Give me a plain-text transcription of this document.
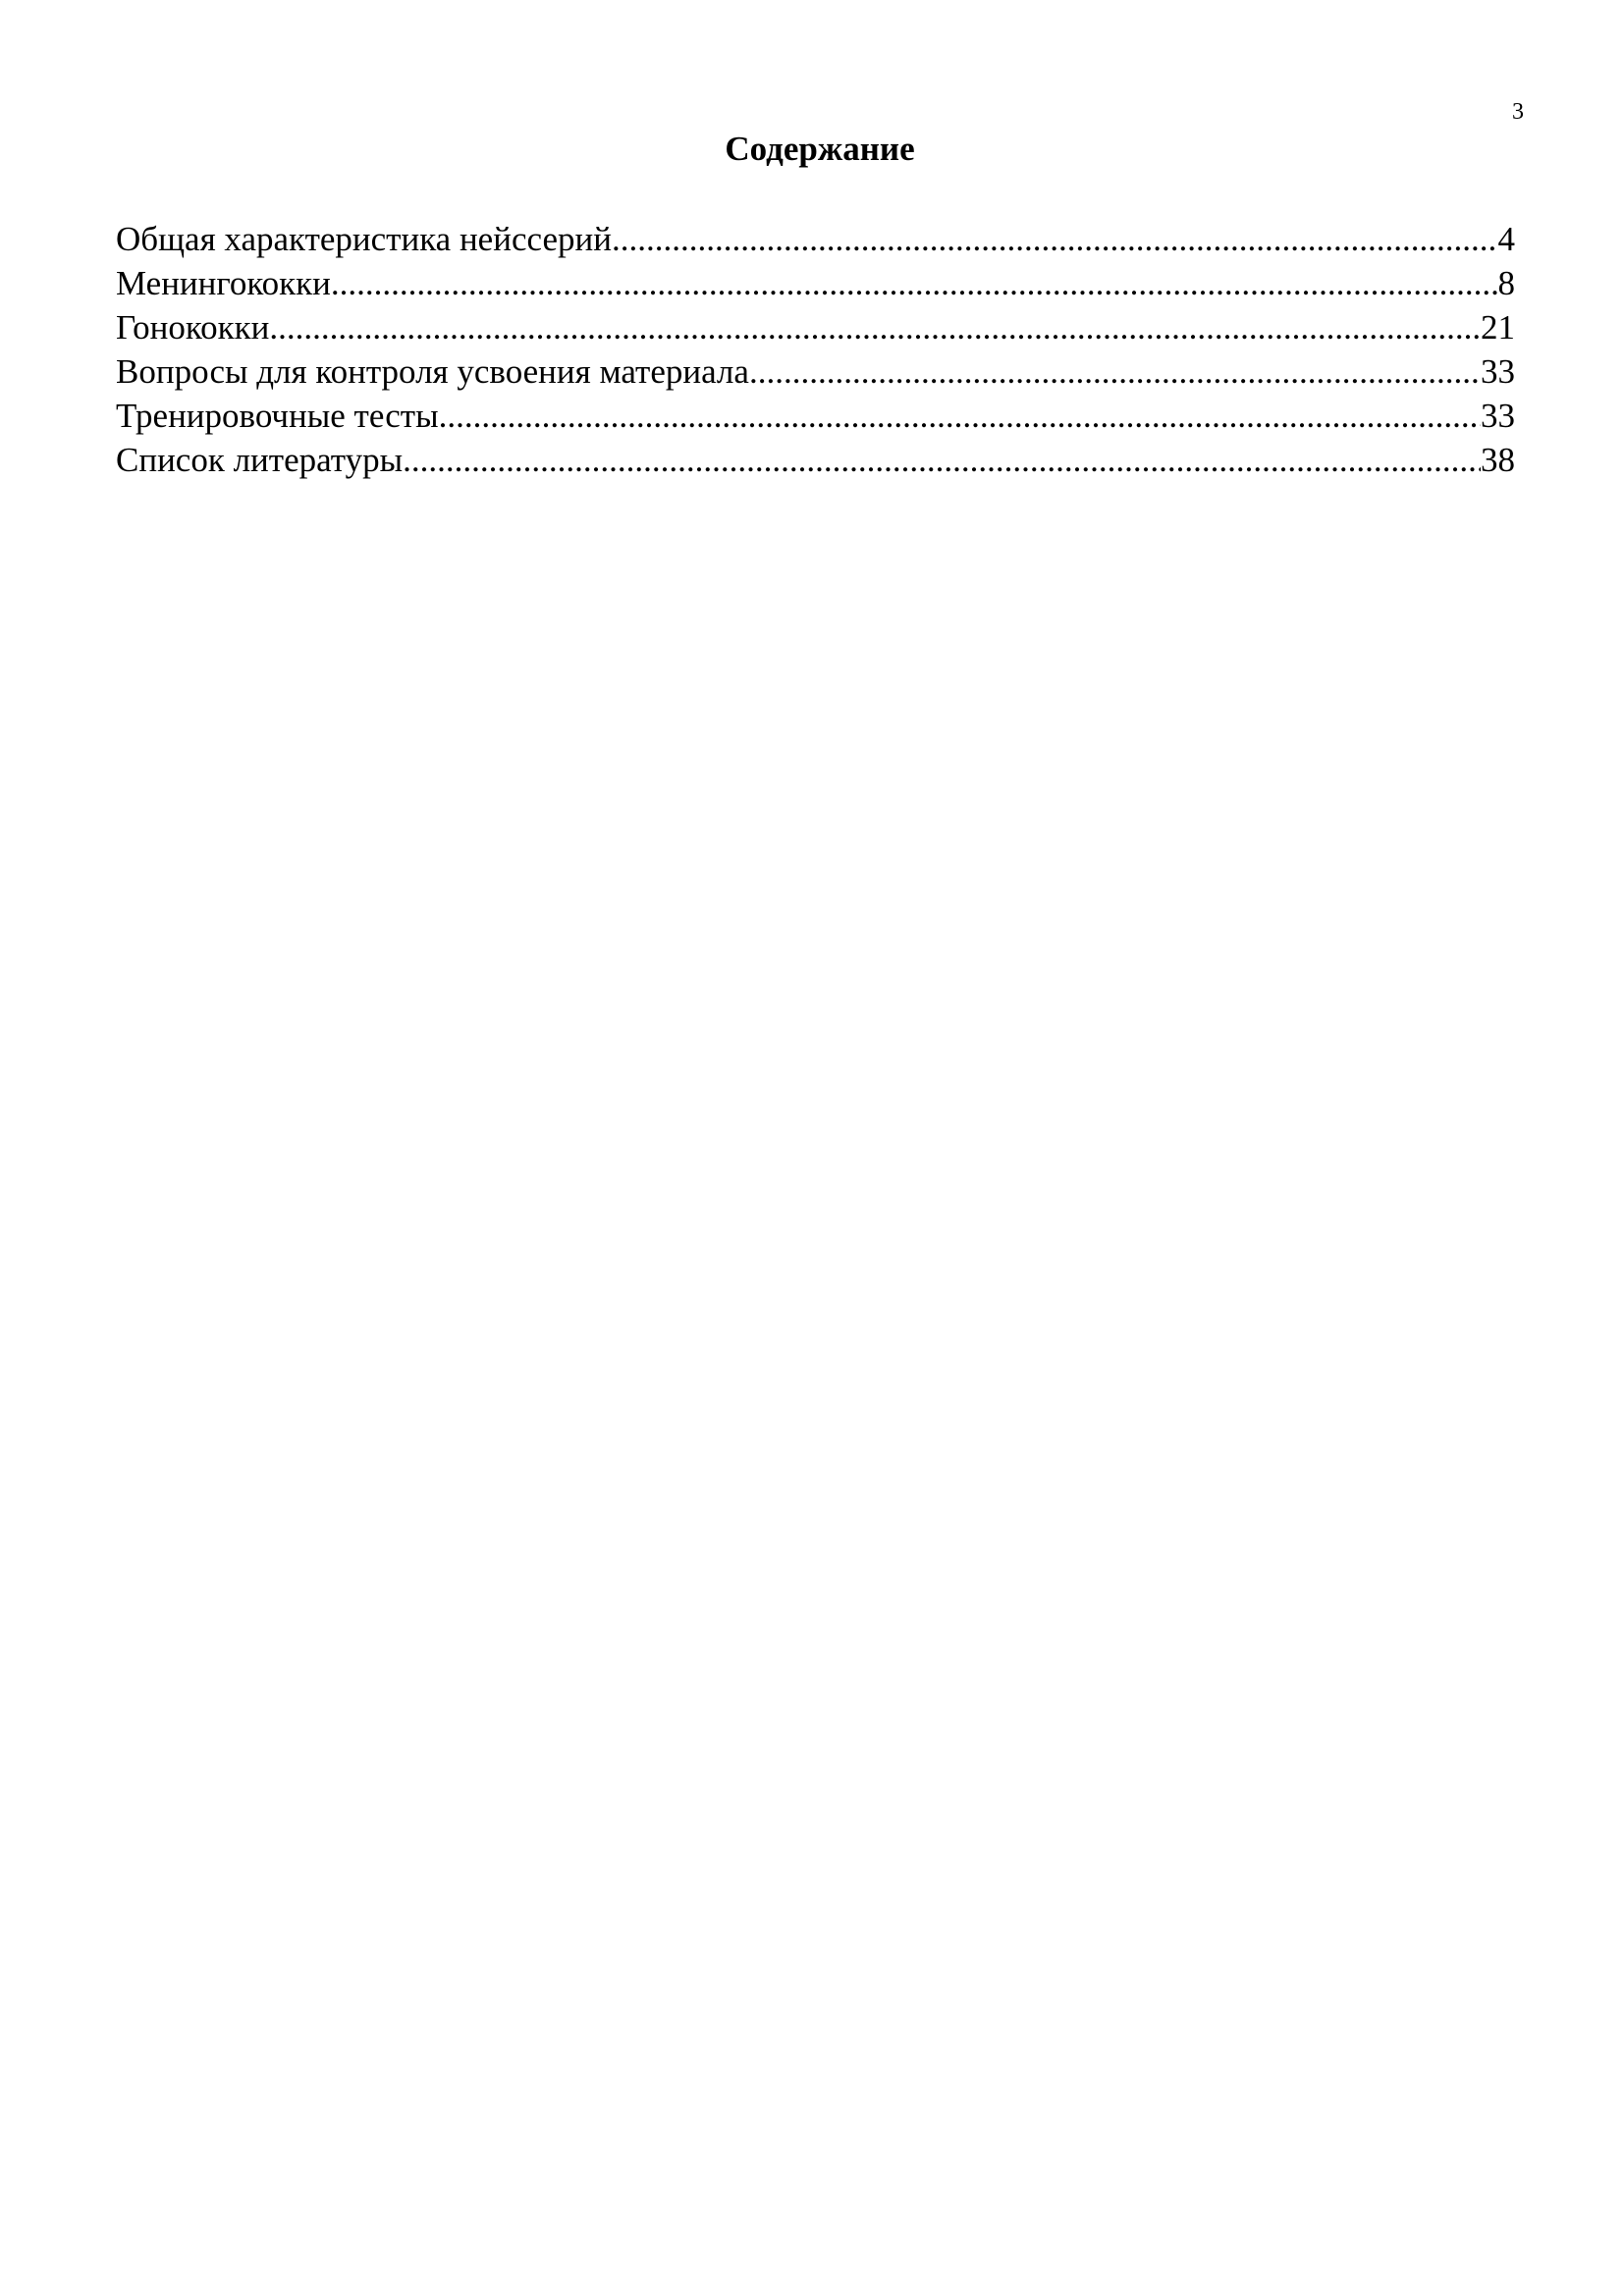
3
Содержание
Общая характеристика нейссерий .....	4
Менингококки .....	8
Гонококки .....	21
Вопросы для контроля усвоения материала .....	33
Тренировочные тесты .....	33
Список литературы .....	38
